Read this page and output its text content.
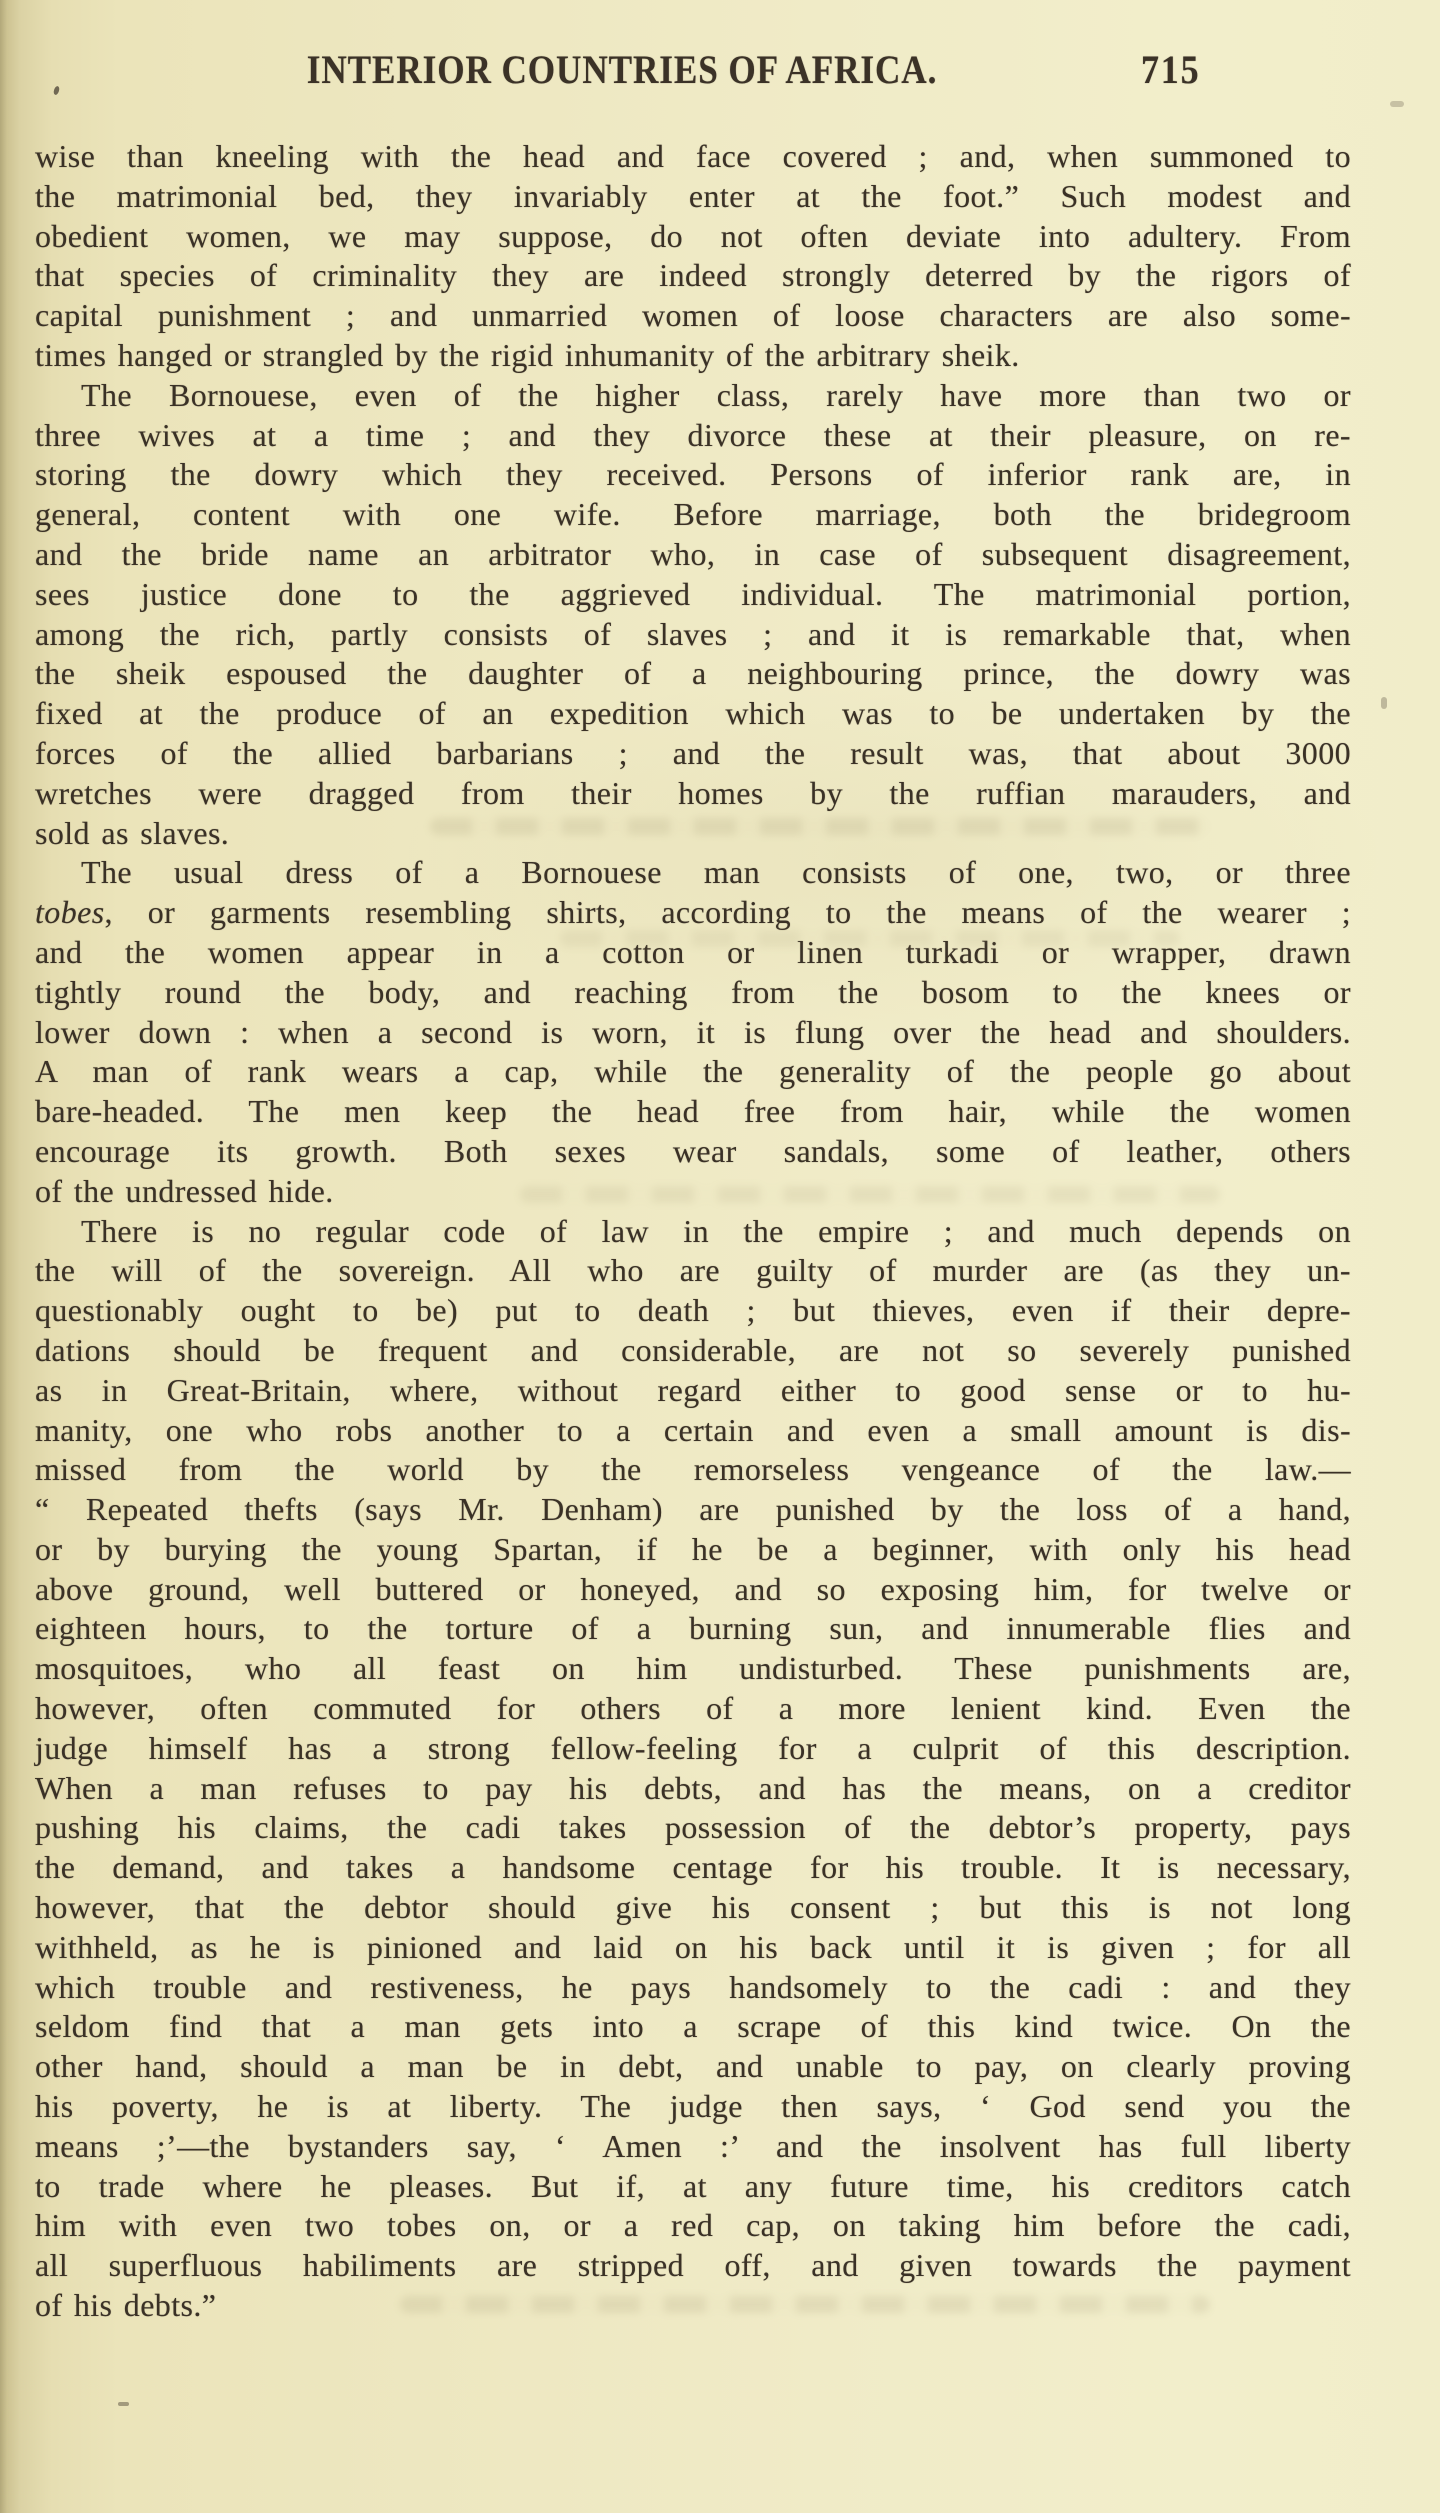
INTERIOR COUNTRIES OF AFRICA.	715
wise than kneeling with the head and face covered ; and, when summoned to
the matrimonial bed, they invariably enter at the foot.” Such modest and
obedient women, we may suppose, do not often deviate into adultery. From
that species of criminality they are indeed strongly deterred by the rigors of
capital punishment ; and unmarried women of loose characters are also some-
times hanged or strangled by the rigid inhumanity of the arbitrary sheik.
The Bornouese, even of the higher class, rarely have more than two or
three wives at a time ; and they divorce these at their pleasure, on re-
storing the dowry which they received. Persons of inferior rank are, in
general, content with one wife. Before marriage, both the bridegroom
and the bride name an arbitrator who, in case of subsequent disagreement,
sees justice done to the aggrieved individual. The matrimonial portion,
among the rich, partly consists of slaves ; and it is remarkable that, when
the sheik espoused the daughter of a neighbouring prince, the dowry was
fixed at the produce of an expedition which was to be undertaken by the
forces of the allied barbarians ; and the result was, that about 3000
wretches were dragged from their homes by the ruffian marauders, and
sold as slaves.
The usual dress of a Bornouese man consists of one, two, or three
tobes, or garments resembling shirts, according to the means of the wearer ;
and the women appear in a cotton or linen turkadi or wrapper, drawn
tightly round the body, and reaching from the bosom to the knees or
lower down : when a second is worn, it is flung over the head and shoulders.
A man of rank wears a cap, while the generality of the people go about
bare-headed. The men keep the head free from hair, while the women
encourage its growth. Both sexes wear sandals, some of leather, others
of the undressed hide.
There is no regular code of law in the empire ; and much depends on
the will of the sovereign. All who are guilty of murder are (as they un-
questionably ought to be) put to death ; but thieves, even if their depre-
dations should be frequent and considerable, are not so severely punished
as in Great-Britain, where, without regard either to good sense or to hu-
manity, one who robs another to a certain and even a small amount is dis-
missed from the world by the remorseless vengeance of the law.—
“ Repeated thefts (says Mr. Denham) are punished by the loss of a hand,
or by burying the young Spartan, if he be a beginner, with only his head
above ground, well buttered or honeyed, and so exposing him, for twelve or
eighteen hours, to the torture of a burning sun, and innumerable flies and
mosquitoes, who all feast on him undisturbed. These punishments are,
however, often commuted for others of a more lenient kind. Even the
judge himself has a strong fellow-feeling for a culprit of this description.
When a man refuses to pay his debts, and has the means, on a creditor
pushing his claims, the cadi takes possession of the debtor’s property, pays
the demand, and takes a handsome centage for his trouble. It is necessary,
however, that the debtor should give his consent ; but this is not long
withheld, as he is pinioned and laid on his back until it is given ; for all
which trouble and restiveness, he pays handsomely to the cadi : and they
seldom find that a man gets into a scrape of this kind twice. On the
other hand, should a man be in debt, and unable to pay, on clearly proving
his poverty, he is at liberty. The judge then says, ‘ God send you the
means ;’—the bystanders say, ‘ Amen :’ and the insolvent has full liberty
to trade where he pleases. But if, at any future time, his creditors catch
him with even two tobes on, or a red cap, on taking him before the cadi,
all superfluous habiliments are stripped off, and given towards the payment
of his debts.”
